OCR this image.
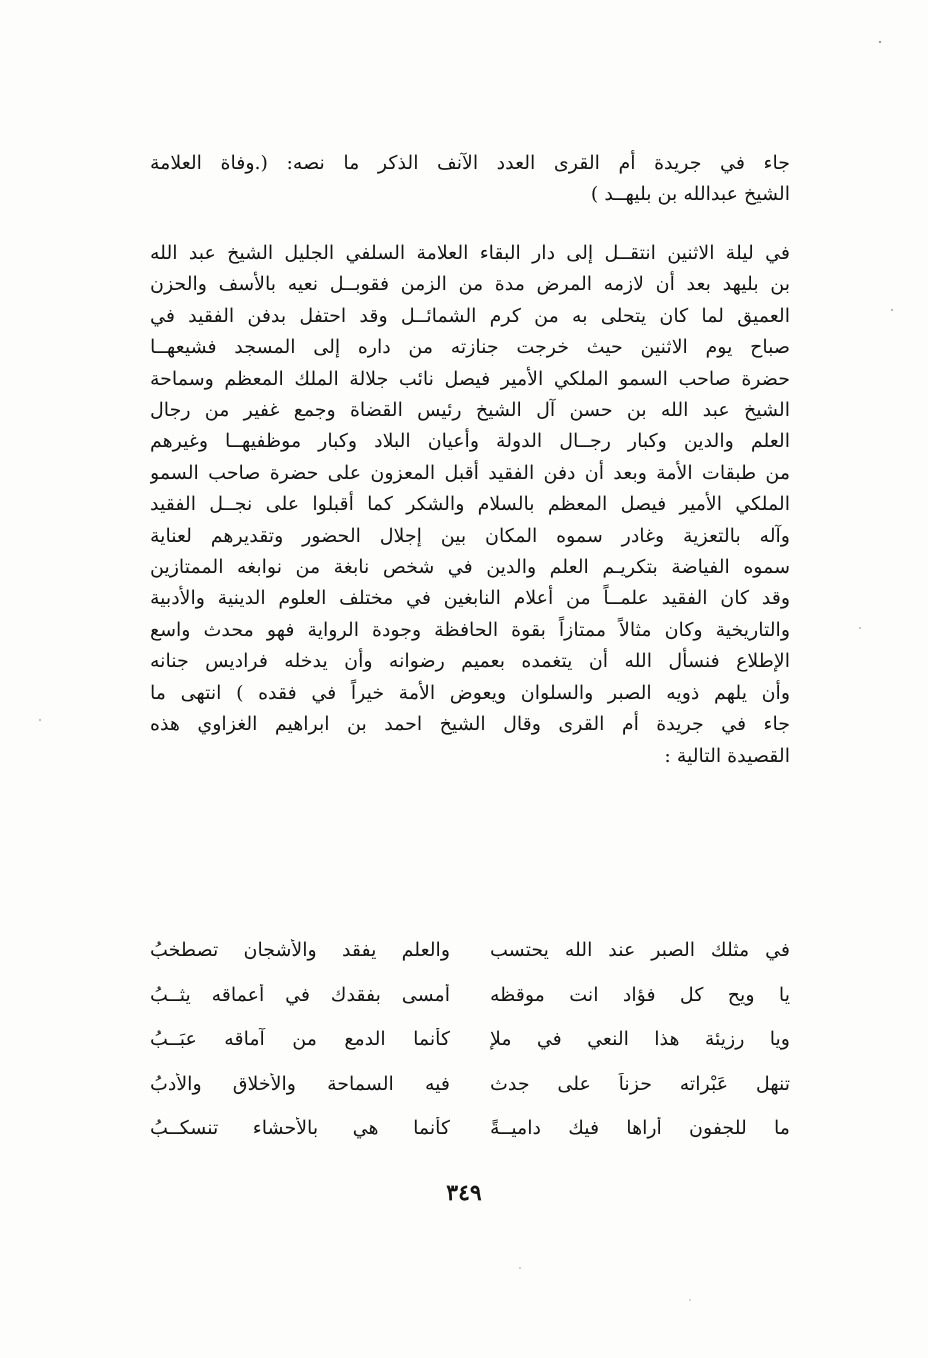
جاء في جريدة أم القرى العدد الآنف الذكر ما نصه: (.وفاة العلامة
الشيخ عبدالله بن بليهــد )
في ليلة الاثنين انتقــل إلى دار البقاء العلامة السلفي الجليل الشيخ عبد الله
بن بليهد بعد أن لازمه المرض مدة من الزمن فقوبــل نعيه بالأسف والحزن
العميق لما كان يتحلى به من كرم الشمائــل وقد احتفل بدفن الفقيد في
صباح يوم الاثنين حيث خرجت جنازته من داره إلى المسجد فشيعهــا
حضرة صاحب السمو الملكي الأمير فيصل نائب جلالة الملك المعظم وسماحة
الشيخ عبد الله بن حسن آل الشيخ رئيس القضاة وجمع غفير من رجال
العلم والدين وكبار رجــال الدولة وأعيان البلاد وكبار موظفيهــا وغيرهم
من طبقات الأمة وبعد أن دفن الفقيد أقبل المعزون على حضرة صاحب السمو
الملكي الأمير فيصل المعظم بالسلام والشكر كما أقبلوا على نجــل الفقيد
وآله بالتعزية وغادر سموه المكان بين إجلال الحضور وتقديرهم لعناية
سموه الفياضة بتكريـم العلم والدين في شخص نابغة من نوابغه الممتازين
وقد كان الفقيد علمــاً من أعلام النابغين في مختلف العلوم الدينية والأدبية
والتاريخية وكان مثالاً ممتازاً بقوة الحافظة وجودة الرواية فهو محدث واسع
الإطلاع فنسأل الله أن يتغمده بعميم رضوانه وأن يدخله فراديس جنانه
وأن يلهم ذويه الصبر والسلوان ويعوض الأمة خيراً في فقده ) انتهى ما
جاء في جريدة أم القرى وقال الشيخ احمد بن ابراهيم الغزاوي هذه
القصيدة التالية :
في مثلك الصبر عند الله يحتسب
والعلم يفقد والأشجان تصطخبُ
يا ويح كل فؤاد انت موقظه
أمسى بفقدك في أعماقه يثــبُ
ويا رزيئة هذا النعي في ملإ
كأنما الدمع من آماقه عبَــبُ
تنهل عَبْراته حزناً على جدث
فيه السماحة والأخلاق والأدبُ
ما للجفون أراها فيك داميــةً
كأنما هي بالأحشاء تنسكــبُ
٣٤٩
